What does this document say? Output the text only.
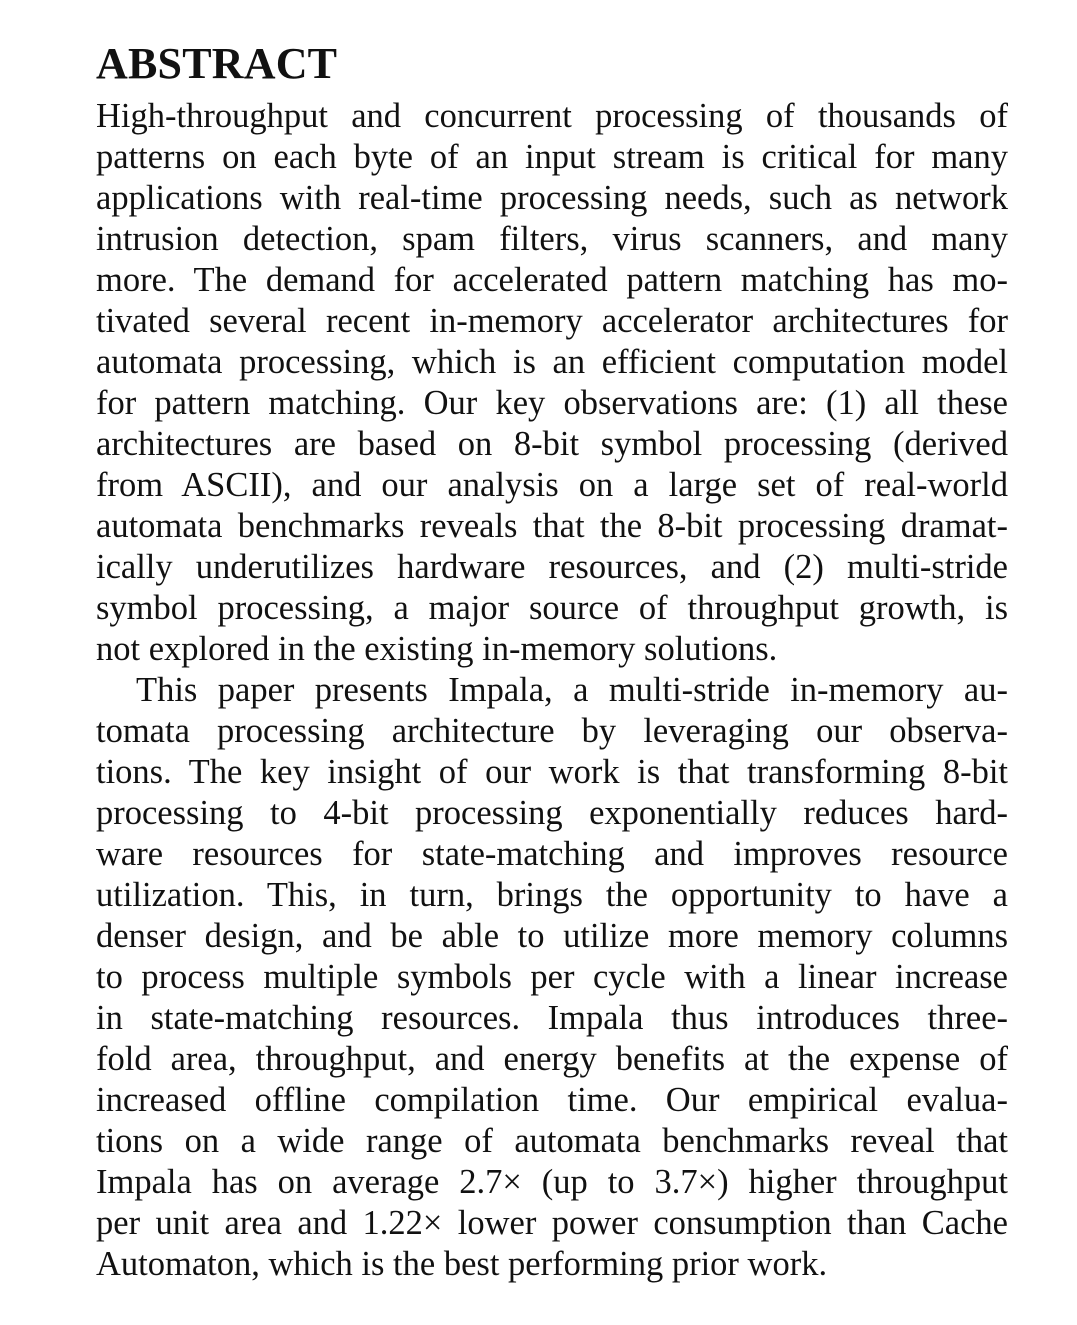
ABSTRACT
High-throughput and concurrent processing of thousands of
patterns on each byte of an input stream is critical for many
applications with real-time processing needs, such as network
intrusion detection, spam filters, virus scanners, and many
more. The demand for accelerated pattern matching has mo-
tivated several recent in-memory accelerator architectures for
automata processing, which is an efficient computation model
for pattern matching. Our key observations are: (1) all these
architectures are based on 8-bit symbol processing (derived
from ASCII), and our analysis on a large set of real-world
automata benchmarks reveals that the 8-bit processing dramat-
ically underutilizes hardware resources, and (2) multi-stride
symbol processing, a major source of throughput growth, is
not explored in the existing in-memory solutions.
This paper presents Impala, a multi-stride in-memory au-
tomata processing architecture by leveraging our observa-
tions. The key insight of our work is that transforming 8-bit
processing to 4-bit processing exponentially reduces hard-
ware resources for state-matching and improves resource
utilization. This, in turn, brings the opportunity to have a
denser design, and be able to utilize more memory columns
to process multiple symbols per cycle with a linear increase
in state-matching resources. Impala thus introduces three-
fold area, throughput, and energy benefits at the expense of
increased offline compilation time. Our empirical evalua-
tions on a wide range of automata benchmarks reveal that
Impala has on average 2.7× (up to 3.7×) higher throughput
per unit area and 1.22× lower power consumption than Cache
Automaton, which is the best performing prior work.
